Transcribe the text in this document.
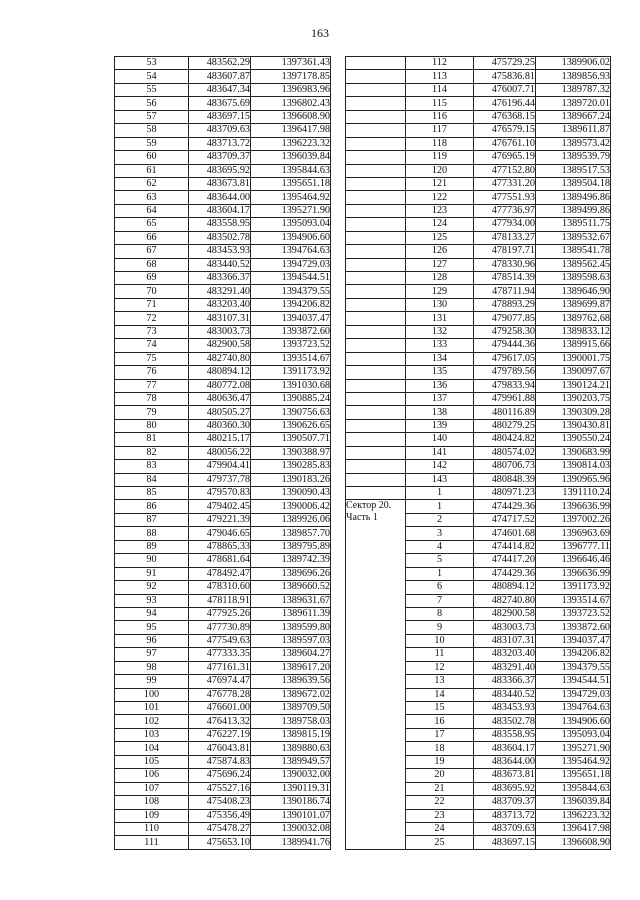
163
53	483562.29	1397361.43
54	483607.87	1397178.85
55	483647.34	1396983.96
56	483675.69	1396802.43
57	483697.15	1396608.90
58	483709.63	1396417.98
59	483713.72	1396223.32
60	483709.37	1396039.84
61	483695.92	1395844.63
62	483673.81	1395651.18
63	483644.00	1395464.92
64	483604.17	1395271.90
65	483558.95	1395093.04
66	483502.78	1394906.60
67	483453.93	1394764.63
68	483440.52	1394729.03
69	483366.37	1394544.51
70	483291.40	1394379.55
71	483203.40	1394206.82
72	483107.31	1394037.47
73	483003.73	1393872.60
74	482900.58	1393723.52
75	482740.80	1393514.67
76	480894.12	1391173.92
77	480772.08	1391030.68
78	480636.47	1390885.24
79	480505.27	1390756.63
80	480360.30	1390626.65
81	480215.17	1390507.71
82	480056.22	1390388.97
83	479904.41	1390285.83
84	479737.78	1390183.26
85	479570.83	1390090.43
86	479402.45	1390006.42
87	479221.39	1389926.06
88	479046.65	1389857.70
89	478865.33	1389795.89
90	478681.64	1389742.39
91	478492.47	1389696.26
92	478310.60	1389660.52
93	478118.91	1389631.67
94	477925.26	1389611.39
95	477730.89	1389599.80
96	477549.63	1389597.03
97	477333.35	1389604.27
98	477161.31	1389617.20
99	476974.47	1389639.56
100	476778.28	1389672.02
101	476601.00	1389709.50
102	476413.32	1389758.03
103	476227.19	1389815.19
104	476043.81	1389880.63
105	475874.83	1389949.57
106	475696.24	1390032.00
107	475527.16	1390119.31
108	475408.23	1390186.74
109	475356.49	1390101.07
110	475478.27	1390032.08
111	475653.10	1389941.76
	112	475729.25	1389906.02
	113	475836.81	1389856.93
	114	476007.71	1389787.32
	115	476196.44	1389720.01
	116	476368.15	1389667.24
	117	476579.15	1389611.87
	118	476761.10	1389573.42
	119	476965.19	1389539.79
	120	477152.80	1389517.53
	121	477331.20	1389504.18
	122	477551.93	1389496.86
	123	477736.97	1389499.86
	124	477934.00	1389511.75
	125	478133.27	1389532.67
	126	478197.71	1389541.78
	127	478330.96	1389562.45
	128	478514.39	1389598.63
	129	478711.94	1389646.90
	130	478893.29	1389699.87
	131	479077.85	1389762.68
	132	479258.30	1389833.12
	133	479444.36	1389915.66
	134	479617.05	1390001.75
	135	479789.56	1390097.67
	136	479833.94	1390124.21
	137	479961.88	1390203.75
	138	480116.89	1390309.28
	139	480279.25	1390430.81
	140	480424.82	1390550.24
	141	480574.02	1390683.99
	142	480706.73	1390814.03
	143	480848.39	1390965.96
	1	480971.23	1391110.24
Сектор 20.
Часть 1	1	474429.36	1396636.99
	2	474717.52	1397002.26
	3	474601.68	1396963.69
	4	474414.82	1396777.11
	5	474417.20	1396646.46
	1	474429.36	1396636.99
	6	480894.12	1391173.92
	7	482740.80	1393514.67
	8	482900.58	1393723.52
	9	483003.73	1393872.60
	10	483107.31	1394037.47
	11	483203.40	1394206.82
	12	483291.40	1394379.55
	13	483366.37	1394544.51
	14	483440.52	1394729.03
	15	483453.93	1394764.63
	16	483502.78	1394906.60
	17	483558.95	1395093.04
	18	483604.17	1395271.90
	19	483644.00	1395464.92
	20	483673.81	1395651.18
	21	483695.92	1395844.63
	22	483709.37	1396039.84
	23	483713.72	1396223.32
	24	483709.63	1396417.98
	25	483697.15	1396608.90
